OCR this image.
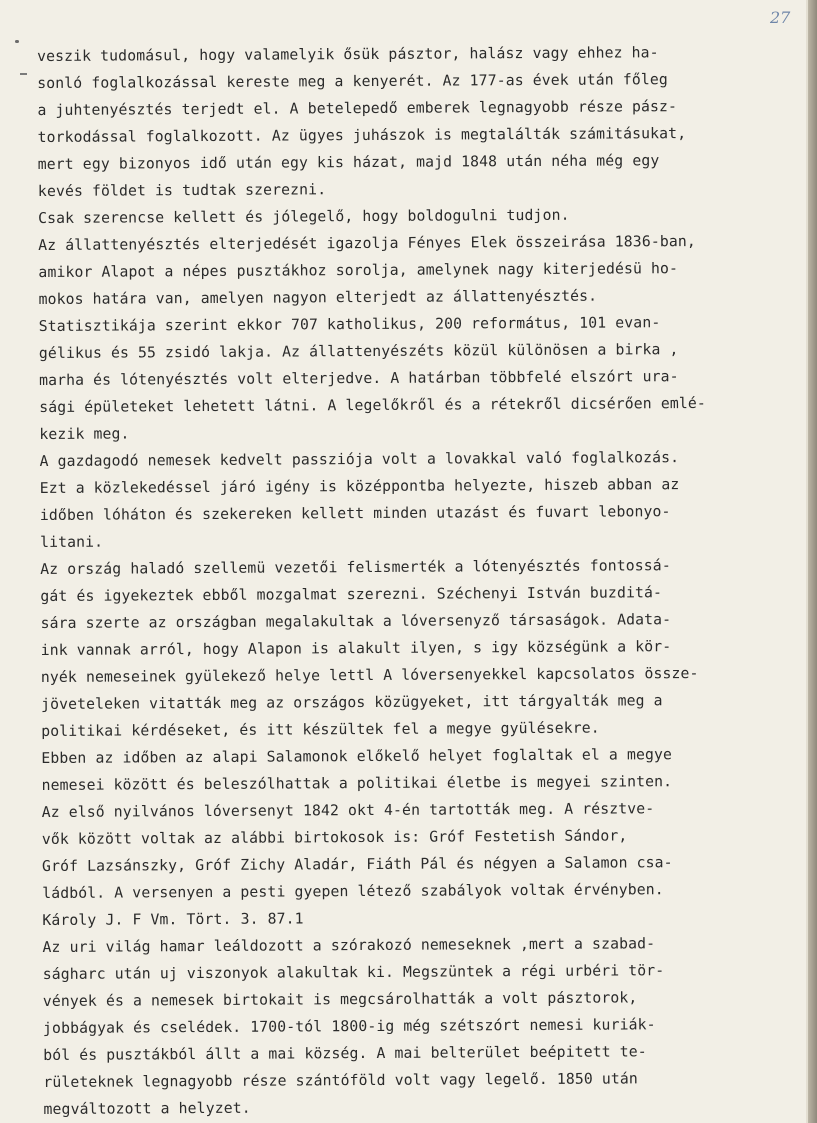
27
veszik tudomásul, hogy valamelyik ősük pásztor, halász vagy ehhez ha-
sonló foglalkozással kereste meg a kenyerét. Az 177-as évek után főleg
a juhtenyésztés terjedt el. A betelepedő emberek legnagyobb része pász-
torkodással foglalkozott. Az ügyes juhászok is megtalálták számitásukat,
mert egy bizonyos idő után egy kis házat, majd 1848 után néha még egy
kevés földet is tudtak szerezni.
Csak szerencse kellett és jólegelő, hogy boldogulni tudjon.
Az állattenyésztés elterjedését igazolja Fényes Elek összeirása 1836-ban,
amikor Alapot a népes pusztákhoz sorolja, amelynek nagy kiterjedésü ho-
mokos határa van, amelyen nagyon elterjedt az állattenyésztés.
Statisztikája szerint ekkor 707 katholikus, 200 református, 101 evan-
gélikus és 55 zsidó lakja. Az állattenyészéts közül különösen a birka ,
marha és lótenyésztés volt elterjedve. A határban többfelé elszórt ura-
sági épületeket lehetett látni. A legelőkről és a rétekről dicsérően emlé-
kezik meg.
A gazdagodó nemesek kedvelt passziója volt a lovakkal való foglalkozás.
Ezt a közlekedéssel járó igény is középpontba helyezte, hiszeb abban az
időben lóháton és szekereken kellett minden utazást és fuvart lebonyo-
litani.
Az ország haladó szellemü vezetői felismerték a lótenyésztés fontossá-
gát és igyekeztek ebből mozgalmat szerezni. Széchenyi István buzditá-
sára szerte az országban megalakultak a lóversenyző társaságok. Adata-
ink vannak arról, hogy Alapon is alakult ilyen, s igy községünk a kör-
nyék nemeseinek gyülekező helye lettl A lóversenyekkel kapcsolatos össze-
jöveteleken vitatták meg az országos közügyeket, itt tárgyalták meg a
politikai kérdéseket, és itt készültek fel a megye gyülésekre.
Ebben az időben az alapi Salamonok előkelő helyet foglaltak el a megye
nemesei között és beleszólhattak a politikai életbe is megyei szinten.
Az első nyilvános lóversenyt 1842 okt 4-én tartották meg. A résztve-
vők között voltak az alábbi birtokosok is: Gróf Festetish Sándor,
Gróf Lazsánszky, Gróf Zichy Aladár, Fiáth Pál és négyen a Salamon csa-
ládból. A versenyen a pesti gyepen létező szabályok voltak érvényben.
Károly J. F Vm. Tört. 3. 87.1
Az uri világ hamar leáldozott a szórakozó nemeseknek ,mert a szabad-
ságharc után uj viszonyok alakultak ki. Megszüntek a régi urbéri tör-
vények és a nemesek birtokait is megcsárolhatták a volt pásztorok,
jobbágyak és cselédek. 1700-tól 1800-ig még szétszórt nemesi kuriák-
ból és pusztákból állt a mai község. A mai belterület beépitett te-
rületeknek legnagyobb része szántóföld volt vagy legelő. 1850 után
megváltozott a helyzet.
